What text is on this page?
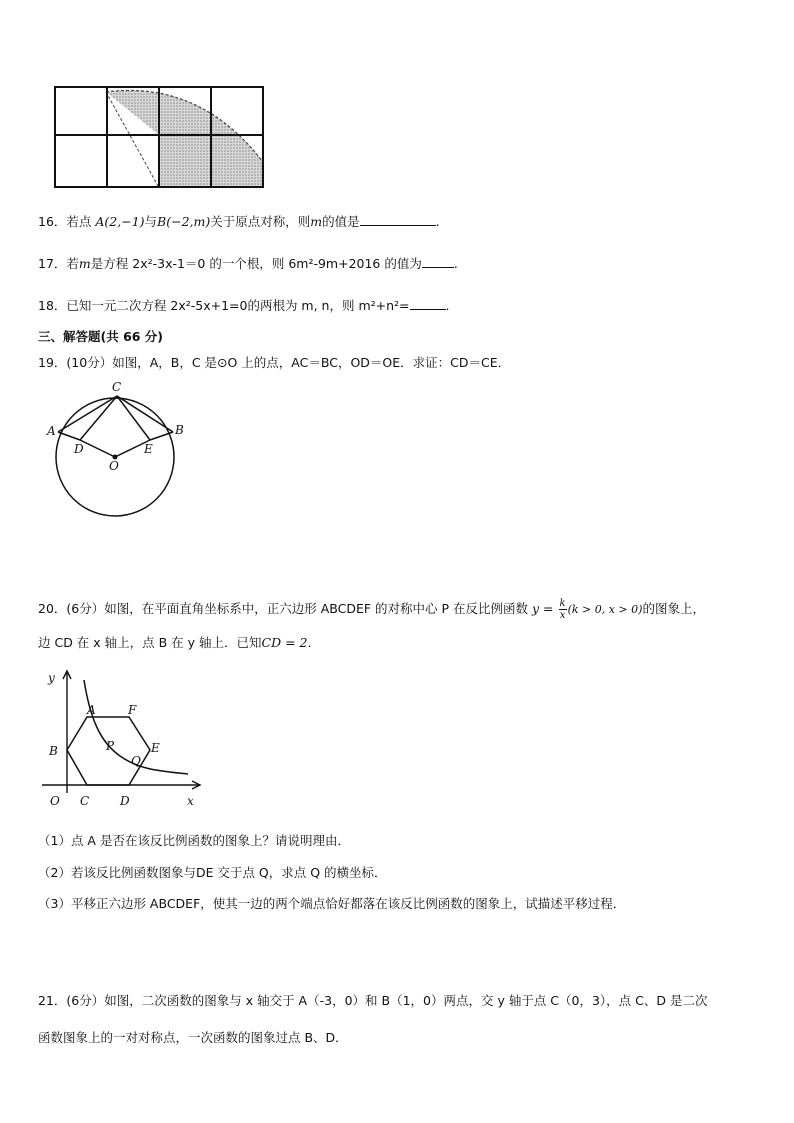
16．若点 A(2,−1)与B(−2,m)关于原点对称，则m的值是	.
17．若m是方程 2x²-3x-1＝0 的一个根，则 6m²-9m+2016 的值为	.
18．已知一元二次方程 2x²-5x+1=0的两根为 m, n，则 m²+n²=	.
三、解答题(共 66 分)
19．(10分）如图，A，B，C 是⊙O 上的点，AC＝BC，OD＝OE．求证：CD＝CE．
C
A	B
D	E
O
20．(6分）如图，在平面直角坐标系中，正六边形 ABCDEF 的对称中心 P 在反比例函数 $y = \frac{k}{x} (k > 0$, x > 0)的图象上，
边 CD 在 x 轴上，点 B 在 y 轴上．已知CD = 2.
y
A	F
B	P	E
Q
O C	D	x
（1）点 A 是否在该反比例函数的图象上？请说明理由．
（2）若该反比例函数图象与DE 交于点 Q，求点 Q 的横坐标．
（3）平移正六边形 ABCDEF，使其一边的两个端点恰好都落在该反比例函数的图象上，试描述平移过程．
21．(6分）如图，二次函数的图象与 x 轴交于 A（-3，0）和 B（1，0）两点，交 y 轴于点 C（0，3），点 C、D 是二次
函数图象上的一对对称点，一次函数的图象过点 B、D．
